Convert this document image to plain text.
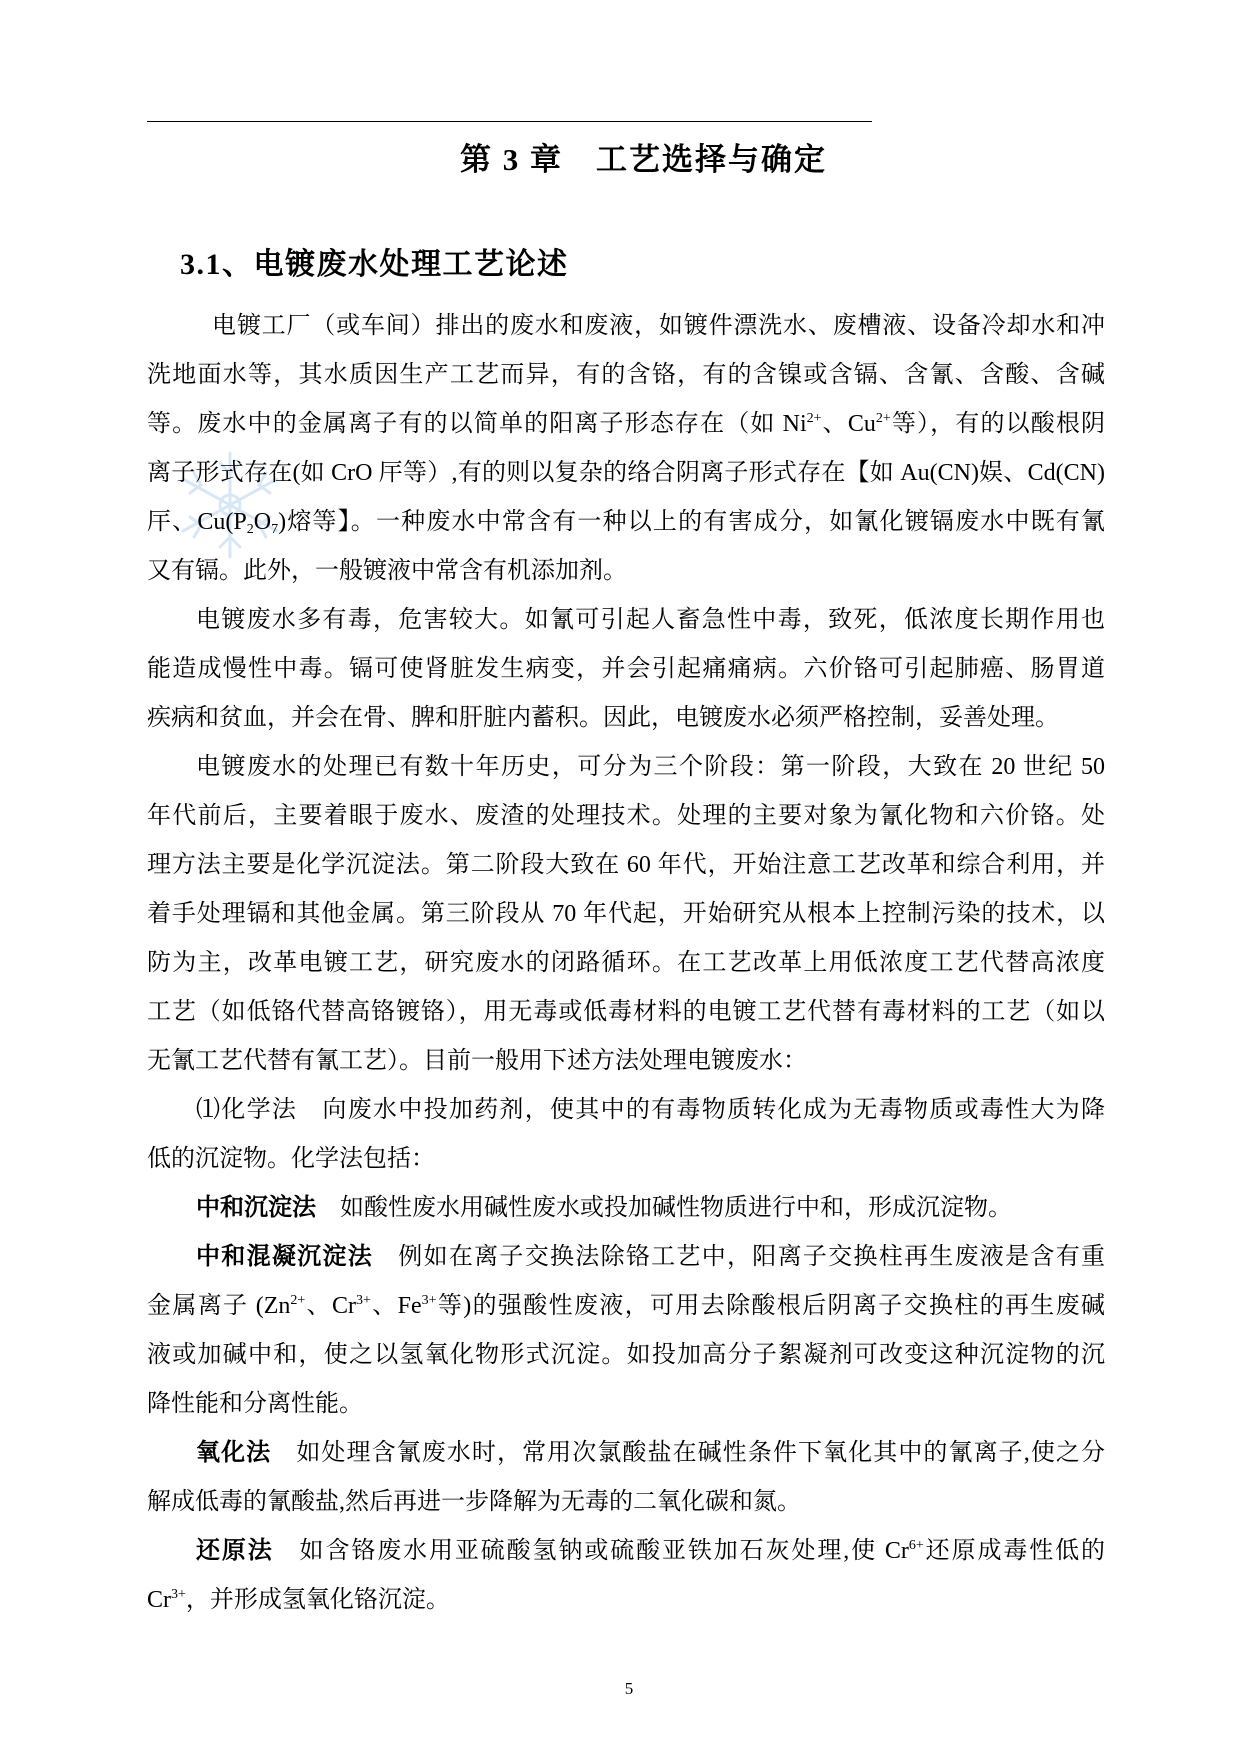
第 3 章　工艺选择与确定
3.1、电镀废水处理工艺论述
电镀工厂（或车间）排出的废水和废液，如镀件漂洗水、废槽液、设备冷却水和冲
洗地面水等，其水质因生产工艺而异，有的含铬，有的含镍或含镉、含氰、含酸、含碱
等。废水中的金属离子有的以简单的阳离子形态存在（如 $Ni^{2+}$、$Cu^{2+}$等），有的以酸根阴
离子形式存在(如 CrO 厈等）,有的则以复杂的络合阴离子形式存在【如 Au(CN)娱、Cd(CN)
厈、$Cu(P_2O_7)$熔等】。一种废水中常含有一种以上的有害成分，如氰化镀镉废水中既有氰
又有镉。此外，一般镀液中常含有机添加剂。
电镀废水多有毒，危害较大。如氰可引起人畜急性中毒，致死，低浓度长期作用也
能造成慢性中毒。镉可使肾脏发生病变，并会引起痛痛病。六价铬可引起肺癌、肠胃道
疾病和贫血，并会在骨、脾和肝脏内蓄积。因此，电镀废水必须严格控制，妥善处理。
电镀废水的处理已有数十年历史，可分为三个阶段：第一阶段，大致在 20 世纪 50
年代前后，主要着眼于废水、废渣的处理技术。处理的主要对象为氰化物和六价铬。处
理方法主要是化学沉淀法。第二阶段大致在 60 年代，开始注意工艺改革和综合利用，并
着手处理镉和其他金属。第三阶段从 70 年代起，开始研究从根本上控制污染的技术，以
防为主，改革电镀工艺，研究废水的闭路循环。在工艺改革上用低浓度工艺代替高浓度
工艺（如低铬代替高铬镀铬），用无毒或低毒材料的电镀工艺代替有毒材料的工艺（如以
无氰工艺代替有氰工艺）。目前一般用下述方法处理电镀废水：
⑴化学法　向废水中投加药剂，使其中的有毒物质转化成为无毒物质或毒性大为降
低的沉淀物。化学法包括：
中和沉淀法　如酸性废水用碱性废水或投加碱性物质进行中和，形成沉淀物。
中和混凝沉淀法　例如在离子交换法除铬工艺中，阳离子交换柱再生废液是含有重
金属离子 ($Zn^{2+}$、$Cr^{3+}$、$Fe^{3+}$等)的强酸性废液，可用去除酸根后阴离子交换柱的再生废碱
液或加碱中和，使之以氢氧化物形式沉淀。如投加高分子絮凝剂可改变这种沉淀物的沉
降性能和分离性能。
氧化法　如处理含氰废水时，常用次氯酸盐在碱性条件下氧化其中的氰离子,使之分
解成低毒的氰酸盐,然后再进一步降解为无毒的二氧化碳和氮。
还原法　如含铬废水用亚硫酸氢钠或硫酸亚铁加石灰处理,使 $Cr^{6+}$还原成毒性低的
$Cr^{3+}$，并形成氢氧化铬沉淀。
5
